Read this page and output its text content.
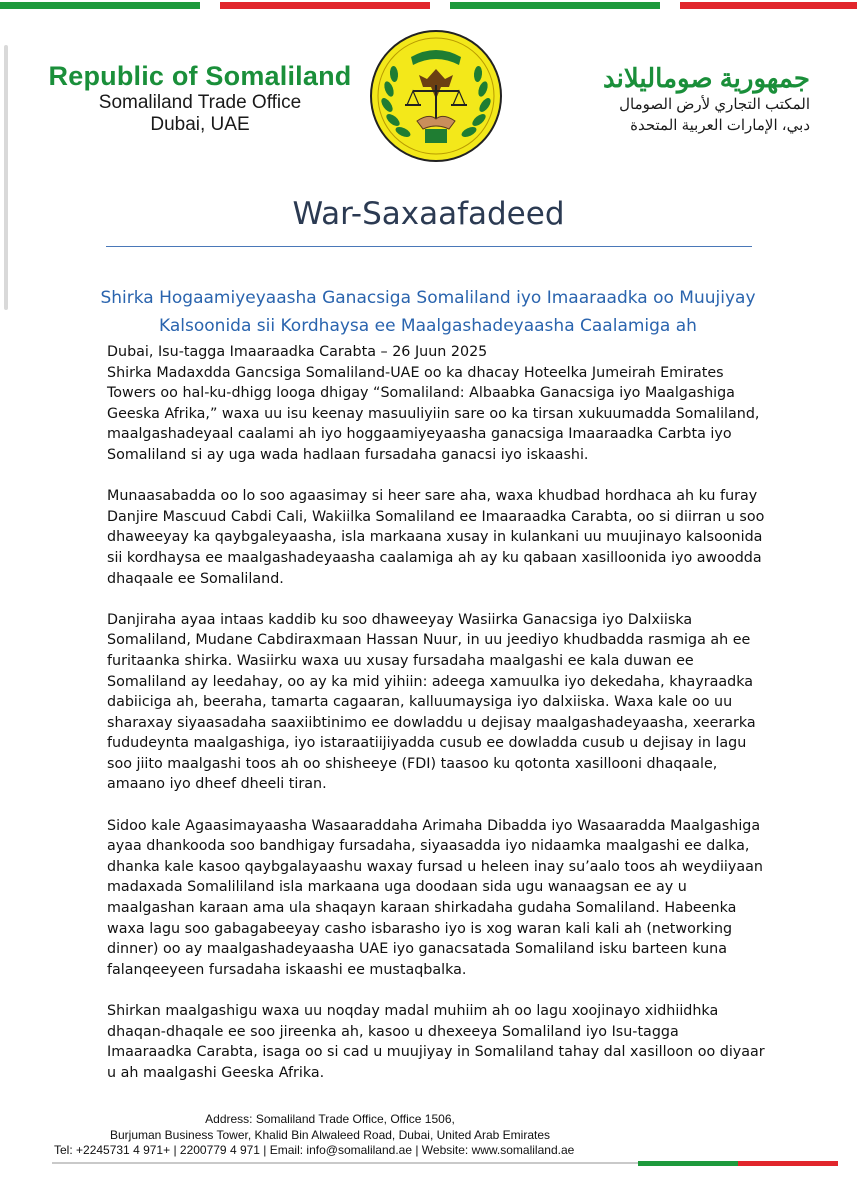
Republic of Somaliland
Somaliland Trade Office
Dubai, UAE
جمهورية صوماليلاند
المكتب التجاري لأرض الصومال
دبي، الإمارات العربية المتحدة
War-Saxaafadeed
Shirka Hogaamiyeyaasha Ganacsiga Somaliland iyo Imaaraadka oo Muujiyay
Kalsoonida sii Kordhaysa ee Maalgashadeyaasha Caalamiga ah
Dubai, Isu-tagga Imaaraadka Carabta – 26 Juun 2025

Shirka Madaxdda Gancsiga Somaliland-UAE oo ka dhacay Hoteelka Jumeirah Emirates Towers oo hal-ku-dhigg looga dhigay “Somaliland: Albaabka Ganacsiga iyo Maalgashiga Geeska Afrika,” waxa uu isu keenay masuuliyiin sare oo ka tirsan xukuumadda Somaliland, maalgashadeyaal caalami ah iyo hoggaamiyeyaasha ganacsiga Imaaraadka Carbta iyo Somaliland si ay uga wada hadlaan fursadaha ganacsi iyo iskaashi.

Munaasabadda oo lo soo agaasimay si heer sare aha, waxa khudbad hordhaca ah ku furay Danjire Mascuud Cabdi Cali, Wakiilka Somaliland ee Imaaraadka Carabta, oo si diirran u soo dhaweeyay ka qaybgaleyaasha, isla markaana xusay in kulankani uu muujinayo kalsoonida sii kordhaysa ee maalgashadeyaasha caalamiga ah ay ku qabaan xasilloonida iyo awoodda dhaqaale ee Somaliland.

Danjiraha ayaa intaas kaddib ku soo dhaweeyay Wasiirka Ganacsiga iyo Dalxiiska Somaliland, Mudane Cabdiraxmaan Hassan Nuur, in uu jeediyo khudbadda rasmiga ah ee furitaanka shirka. Wasiirku waxa uu xusay fursadaha maalgashi ee kala duwan ee Somaliland ay leedahay, oo ay ka mid yihiin: adeega xamuulka iyo dekedaha, khayraadka dabiiciga ah, beeraha, tamarta cagaaran, kalluumaysiga iyo dalxiiska. Waxa kale oo uu sharaxay siyaasadaha saaxiibtinimo ee dowladdu u dejisay maalgashadeyaasha, xeerarka fududeynta maalgashiga, iyo istaraatiijiyadda cusub ee dowladda cusub u dejisay in lagu soo jiito maalgashi toos ah oo shisheeye (FDI) taasoo ku qotonta xasillooni dhaqaale, amaano iyo dheef dheeli tiran.

Sidoo kale Agaasimayaasha Wasaaraddaha Arimaha Dibadda iyo Wasaaradda Maalgashiga ayaa dhankooda soo bandhigay fursadaha, siyaasadda iyo nidaamka maalgashi ee dalka, dhanka kale kasoo qaybgalayaashu waxay fursad u heleen inay su’aalo toos ah weydiiyaan madaxada Somalililand isla markaana uga doodaan sida ugu wanaagsan ee ay u maalgashan karaan ama ula shaqayn karaan shirkadaha gudaha Somaliland. Habeenka waxa lagu soo gabagabeeyay casho isbarasho iyo is xog waran kali kali ah (networking dinner) oo ay maalgashadeyaasha UAE iyo ganacsatada Somaliland isku barteen kuna falanqeeyeen fursadaha iskaashi ee mustaqbalka.

Shirkan maalgashigu waxa uu noqday madal muhiim ah oo lagu xoojinayo xidhiidhka dhaqan-dhaqale ee soo jireenka ah, kasoo u dhexeeya Somaliland iyo Isu-tagga Imaaraadka Carabta, isaga oo si cad u muujiyay in Somaliland tahay dal xasilloon oo diyaar u ah maalgashi Geeska Afrika.

Address: Somaliland Trade Office, Office 1506,
Burjuman Business Tower, Khalid Bin Alwaleed Road, Dubai, United Arab Emirates
Tel: +2245731 4 971+ | 2200779 4 971 | Email: info@somaliland.ae | Website: www.somaliland.ae
